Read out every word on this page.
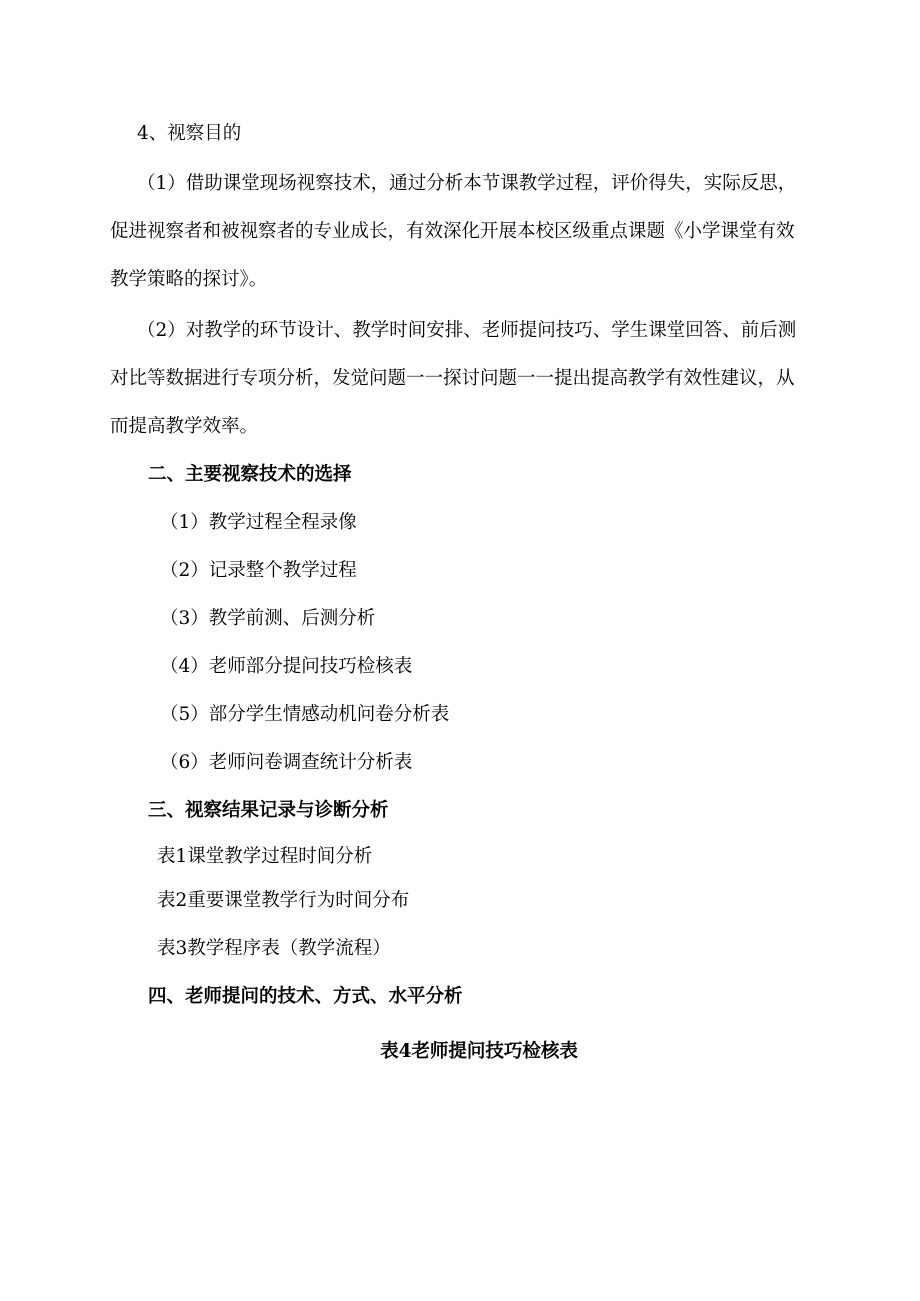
4、视察目的
（1）借助课堂现场视察技术，通过分析本节课教学过程，评价得失，实际反思，
促进视察者和被视察者的专业成长，有效深化开展本校区级重点课题《小学课堂有效
教学策略的探讨》。
（2）对教学的环节设计、教学时间安排、老师提问技巧、学生课堂回答、前后测
对比等数据进行专项分析，发觉问题一一探讨问题一一提出提高教学有效性建议，从
而提高教学效率。
二、主要视察技术的选择
（1）教学过程全程录像
（2）记录整个教学过程
（3）教学前测、后测分析
（4）老师部分提问技巧检核表
（5）部分学生情感动机问卷分析表
（6）老师问卷调查统计分析表
三、视察结果记录与诊断分析
表1课堂教学过程时间分析
表2重要课堂教学行为时间分布
表3教学程序表（教学流程）
四、老师提问的技术、方式、水平分析
表4老师提问技巧检核表
